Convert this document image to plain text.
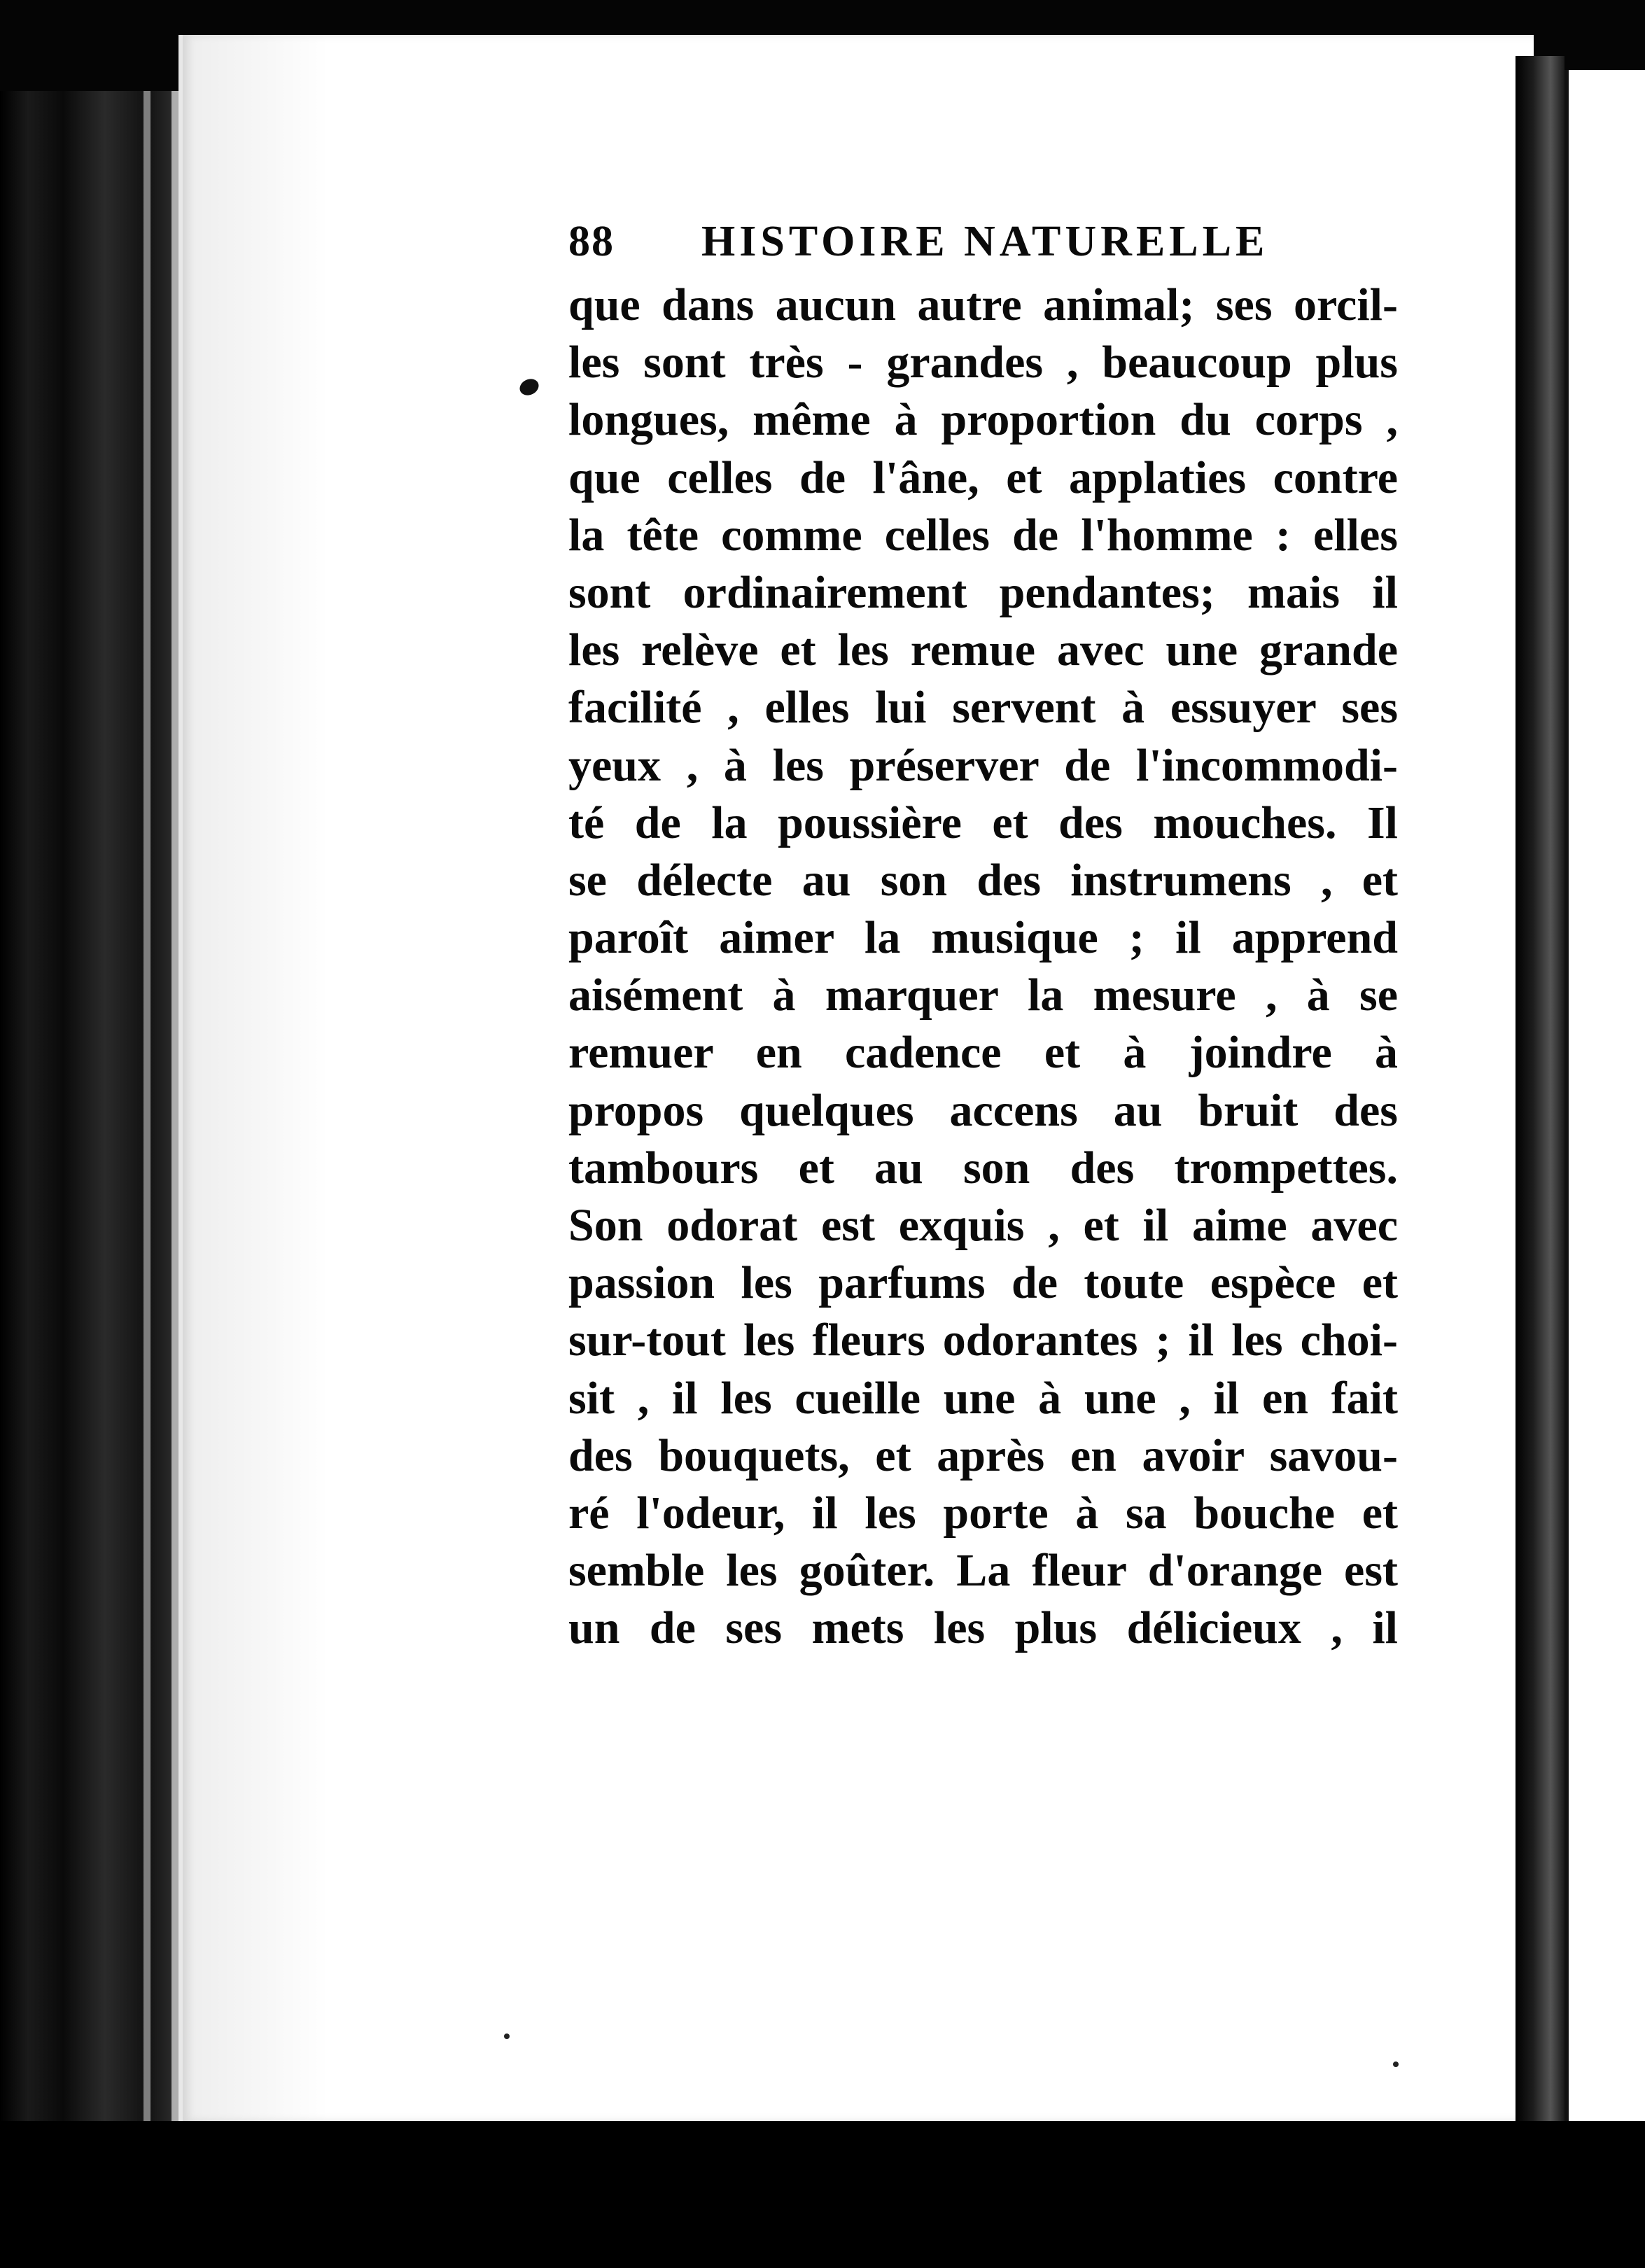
88	HISTOIRE NATURELLE
que dans aucun autre animal; ses orcil-
les sont très - grandes , beaucoup plus
longues, même à proportion du corps ,
que celles de l'âne, et applaties contre
la tête comme celles de l'homme : elles
sont ordinairement pendantes; mais il
les relève et les remue avec une grande
facilité , elles lui servent à essuyer ses
yeux , à les préserver de l'incommodi-
té de la poussière et des mouches. Il
se délecte au son des instrumens , et
paroît aimer la musique ; il apprend
aisément à marquer la mesure , à se
remuer en cadence et à joindre à
propos quelques accens au bruit des
tambours et au son des trompettes.
Son odorat est exquis , et il aime avec
passion les parfums de toute espèce et
sur-tout les fleurs odorantes ; il les choi-
sit , il les cueille une à une , il en fait
des bouquets, et après en avoir savou-
ré l'odeur, il les porte à sa bouche et
semble les goûter. La fleur d'orange est
un de ses mets les plus délicieux , il
